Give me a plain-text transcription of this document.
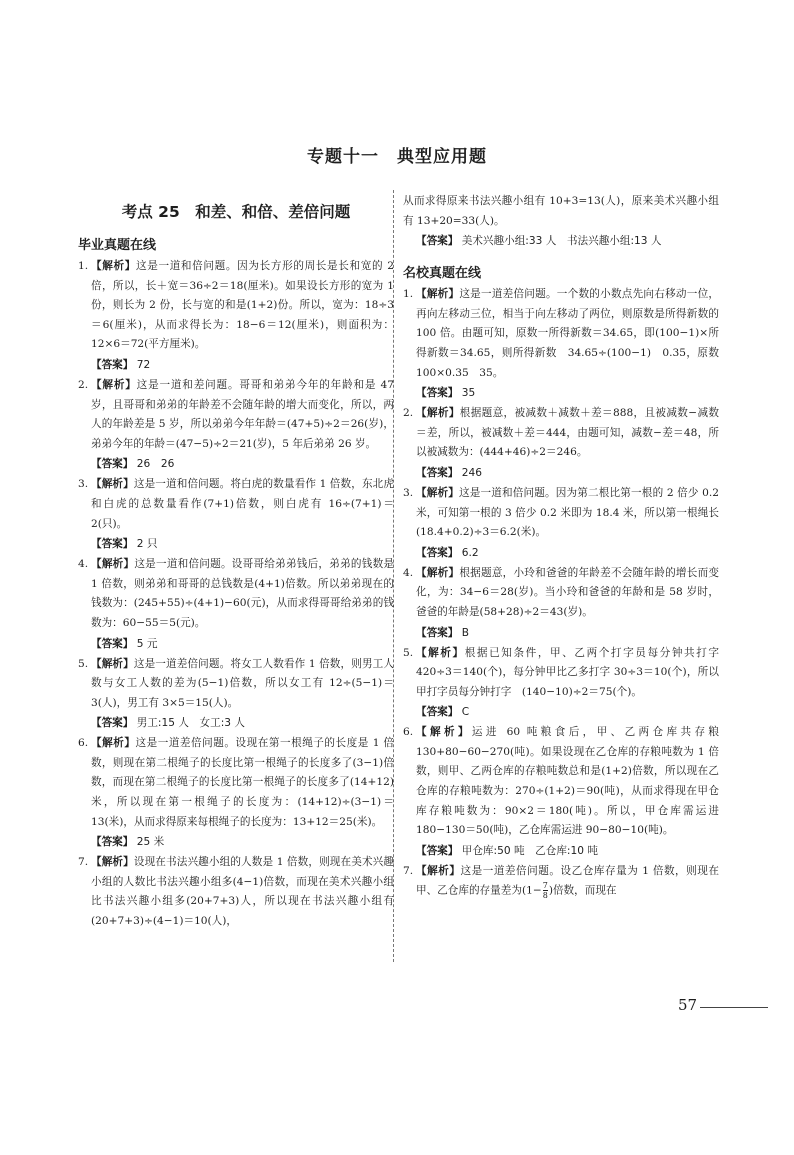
专题十一　典型应用题
考点 25　和差、和倍、差倍问题
毕业真题在线
1. 【解析】这是一道和倍问题。因为长方形的周长是长和宽的 2 倍，所以，长＋宽＝36÷2＝18(厘米)。如果设长方形的宽为 1 份，则长为 2 份，长与宽的和是(1+2)份。所以，宽为：18÷3＝6(厘米)，从而求得长为：18−6＝12(厘米)，则面积为：12×6＝72(平方厘米)。
【答案】 72
2. 【解析】这是一道和差问题。哥哥和弟弟今年的年龄和是 47 岁，且哥哥和弟弟的年龄差不会随年龄的增大而变化，所以，两人的年龄差是 5 岁，所以弟弟今年年龄＝(47+5)÷2＝26(岁)，弟弟今年的年龄＝(47−5)÷2＝21(岁)，5 年后弟弟 26 岁。
【答案】 26　26
3. 【解析】这是一道和倍问题。将白虎的数量看作 1 倍数，东北虎和白虎的总数量看作(7+1)倍数，则白虎有 16÷(7+1)＝2(只)。
【答案】 2 只
4. 【解析】这是一道和倍问题。设哥哥给弟弟钱后，弟弟的钱数是 1 倍数，则弟弟和哥哥的总钱数是(4+1)倍数。所以弟弟现在的钱数为：(245+55)÷(4+1)−60(元)，从而求得哥哥给弟弟的钱数为：60−55＝5(元)。
【答案】 5 元
5. 【解析】这是一道差倍问题。将女工人数看作 1 倍数，则男工人数与女工人数的差为(5−1)倍数，所以女工有 12÷(5−1)＝3(人)，男工有 3×5＝15(人)。
【答案】 男工:15 人　女工:3 人
6. 【解析】这是一道差倍问题。设现在第一根绳子的长度是 1 倍数，则现在第二根绳子的长度比第一根绳子的长度多了(3−1)倍数，而现在第二根绳子的长度比第一根绳子的长度多了(14+12)米，所以现在第一根绳子的长度为：(14+12)÷(3−1)＝13(米)，从而求得原来每根绳子的长度为：13+12＝25(米)。
【答案】 25 米
7. 【解析】设现在书法兴趣小组的人数是 1 倍数，则现在美术兴趣小组的人数比书法兴趣小组多(4−1)倍数，而现在美术兴趣小组比书法兴趣小组多(20+7+3)人，所以现在书法兴趣小组有(20+7+3)÷(4−1)＝10(人)，
从而求得原来书法兴趣小组有 10+3=13(人)，原来美术兴趣小组有 13+20=33(人)。
【答案】 美术兴趣小组:33 人　书法兴趣小组:13 人
名校真题在线
1. 【解析】这是一道差倍问题。一个数的小数点先向右移动一位，再向左移动三位，相当于向左移动了两位，则原数是所得新数的 100 倍。由题可知，原数一所得新数＝34.65，即(100−1)×所得新数＝34.65，则所得新数　34.65÷(100−1)　0.35，原数　100×0.35　35。
【答案】 35
2. 【解析】根据题意，被减数＋减数＋差＝888，且被减数−减数＝差，所以，被减数＋差＝444，由题可知，减数−差＝48，所以被减数为：(444+46)÷2＝246。
【答案】 246
3. 【解析】这是一道和倍问题。因为第二根比第一根的 2 倍少 0.2 米，可知第一根的 3 倍少 0.2 米即为 18.4 米，所以第一根绳长(18.4+0.2)÷3＝6.2(米)。
【答案】 6.2
4. 【解析】根据题意，小玲和爸爸的年龄差不会随年龄的增长而变化，为：34−6＝28(岁)。当小玲和爸爸的年龄和是 58 岁时，爸爸的年龄是(58+28)÷2＝43(岁)。
【答案】 B
5. 【解析】根据已知条件，甲、乙两个打字员每分钟共打字 420÷3＝140(个)，每分钟甲比乙多打字 30÷3＝10(个)，所以甲打字员每分钟打字　(140−10)÷2＝75(个)。
【答案】 C
6. 【解析】运进 60 吨粮食后，甲、乙两仓库共存粮 130+80−60−270(吨)。如果设现在乙仓库的存粮吨数为 1 倍数，则甲、乙两仓库的存粮吨数总和是(1+2)倍数，所以现在乙仓库的存粮吨数为：270÷(1+2)＝90(吨)，从而求得现在甲仓库存粮吨数为：90×2＝180(吨)。所以，甲仓库需运进 180−130＝50(吨)，乙仓库需运进 90−80−10(吨)。
【答案】 甲仓库:50 吨　乙仓库:10 吨
7. 【解析】这是一道差倍问题。设乙仓库存量为 1 倍数，则现在甲、乙仓库的存量差为($1- \frac{7}{8}$ )倍数，而现在
57
